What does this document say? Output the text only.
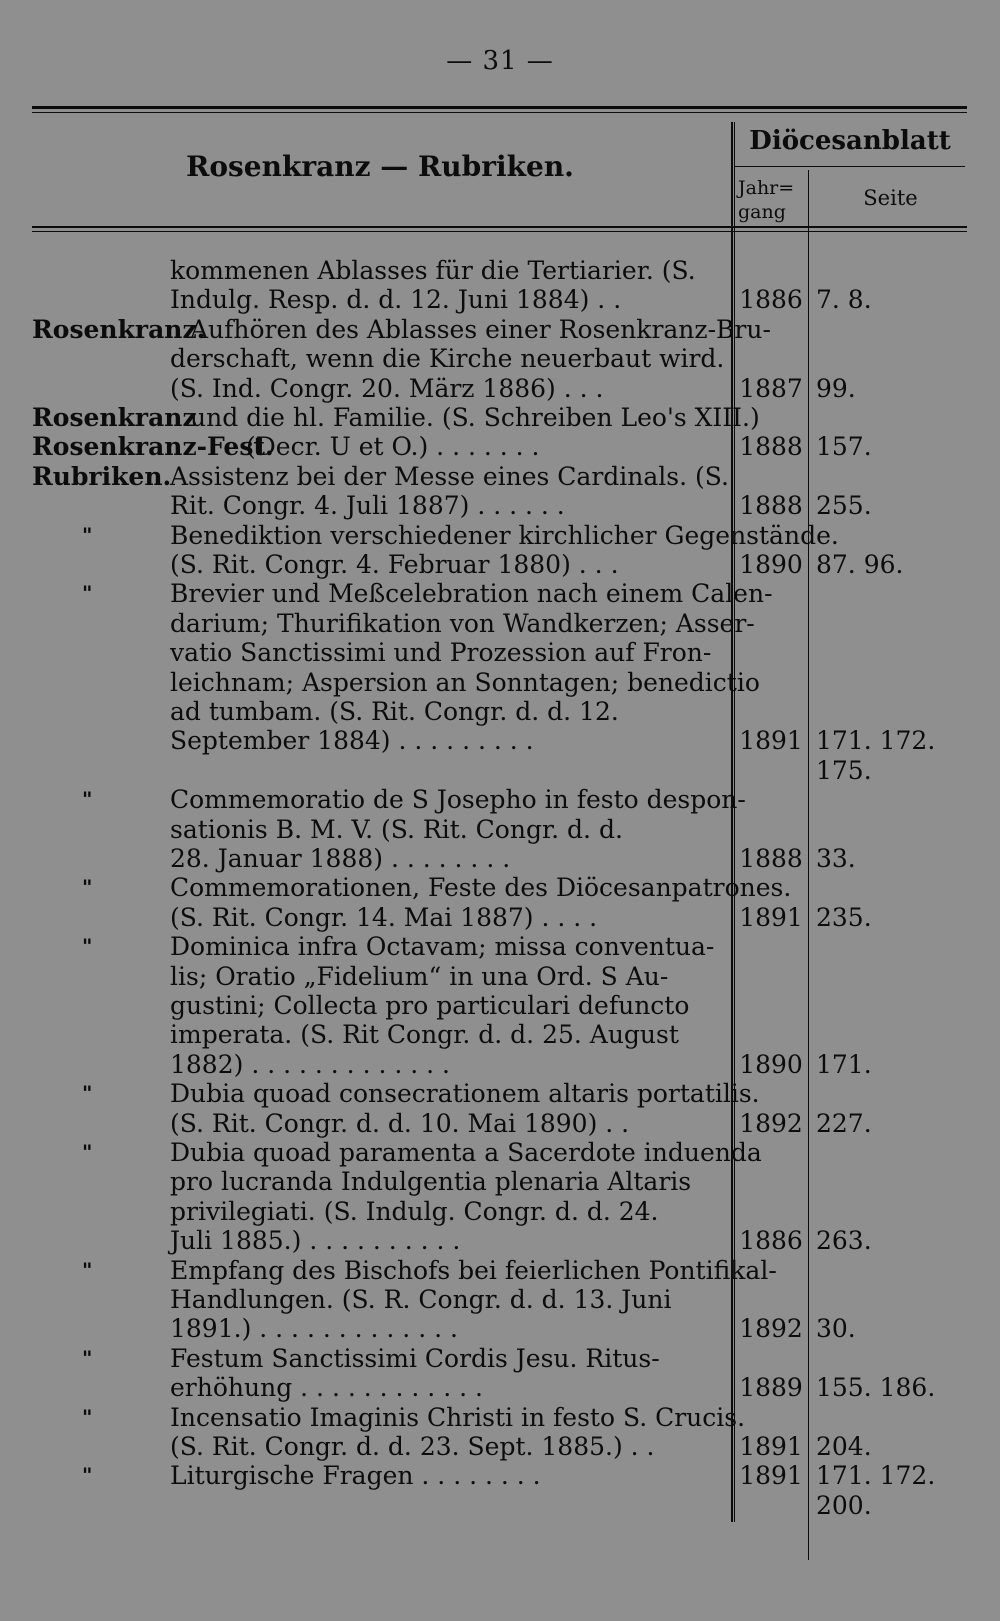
— 31 —
Rosenkranz — Rubriken.
Diöcesanblatt
Jahr=
gang
Seite
kommenen Ablasses für die Tertiarier. (S.
Indulg. Resp. d. d. 12. Juni 1884) . .	1886 7. 8.
Rosenkranz.
Aufhören des Ablasses einer Rosenkranz-Bru-
derschaft, wenn die Kirche neuerbaut wird.
(S. Ind. Congr. 20. März 1886) . . .	1887 99.
Rosenkranz
und die hl. Familie. (S. Schreiben Leo's XIII.)
Rosenkranz-Fest.
(Decr. U et O.) . . . . . . .	1888 157.
Rubriken.
Assistenz bei der Messe eines Cardinals. (S.
Rit. Congr. 4. Juli 1887) . . . . . .	1888 255.
"	Benediktion verschiedener kirchlicher Gegenstände.
(S. Rit. Congr. 4. Februar 1880) . . .	1890 87. 96.
"	Brevier und Meßcelebration nach einem Calen-
darium; Thurifikation von Wandkerzen; Asser-
vatio Sanctissimi und Prozession auf Fron-
leichnam; Aspersion an Sonntagen; benedictio
ad tumbam. (S. Rit. Congr. d. d. 12.
September 1884) . . . . . . . . .	1891 171. 172.
175.
"	Commemoratio de S Josepho in festo despon-
sationis B. M. V. (S. Rit. Congr. d. d.
28. Januar 1888) . . . . . . . .	1888 33.
"	Commemorationen, Feste des Diöcesanpatrones.
(S. Rit. Congr. 14. Mai 1887) . . . .	1891 235.
"	Dominica infra Octavam; missa conventua-
lis; Oratio „Fidelium“ in una Ord. S Au-
gustini; Collecta pro particulari defuncto
imperata. (S. Rit Congr. d. d. 25. August
1882) . . . . . . . . . . . . .	1890 171.
"	Dubia quoad consecrationem altaris portatilis.
(S. Rit. Congr. d. d. 10. Mai 1890) . .	1892 227.
"	Dubia quoad paramenta a Sacerdote induenda
pro lucranda Indulgentia plenaria Altaris
privilegiati. (S. Indulg. Congr. d. d. 24.
Juli 1885.) . . . . . . . . . .	1886 263.
"	Empfang des Bischofs bei feierlichen Pontifikal-
Handlungen. (S. R. Congr. d. d. 13. Juni
1891.) . . . . . . . . . . . . .	1892 30.
"	Festum Sanctissimi Cordis Jesu. Ritus-
erhöhung . . . . . . . . . . . .	1889 155. 186.
"	Incensatio Imaginis Christi in festo S. Crucis.
(S. Rit. Congr. d. d. 23. Sept. 1885.) . .	1891 204.
"	Liturgische Fragen . . . . . . . .	1891 171. 172.
200.
